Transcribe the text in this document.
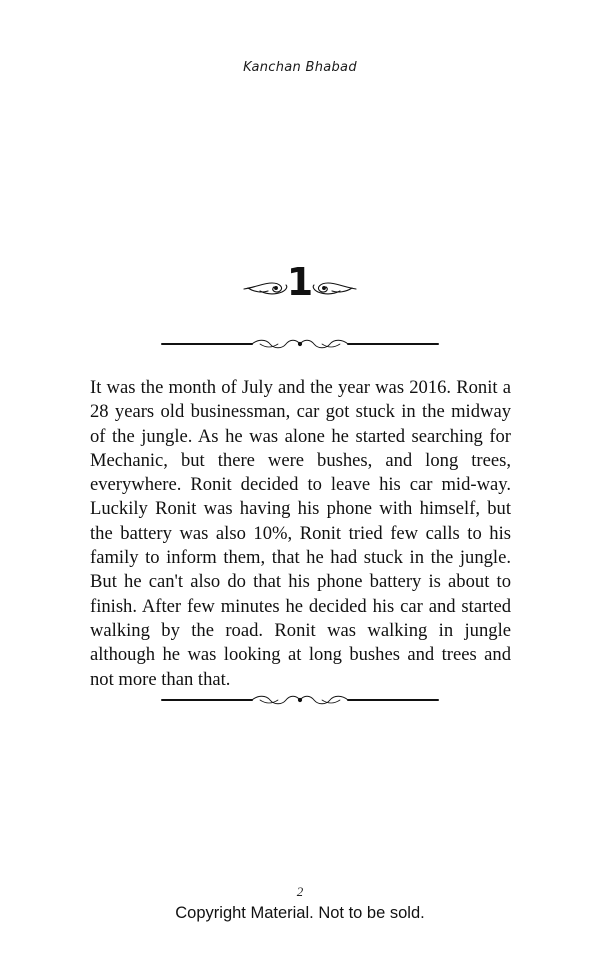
Kanchan Bhabad
1

It was the month of July and the year was 2016. Ronit a 28 years old businessman, car got stuck in the midway of the jungle. As he was alone he started searching for Mechanic, but there were bushes, and long trees, everywhere. Ronit decided to leave his car mid-way. Luckily Ronit was having his phone with himself, but the battery was also 10%, Ronit tried few calls to his family to inform them, that he had stuck in the jungle. But he can't also do that his phone battery is about to finish. After few minutes he decided his car and started walking by the road. Ronit was walking in jungle although he was looking at long bushes and trees and not more than that.

2
Copyright Material. Not to be sold.
